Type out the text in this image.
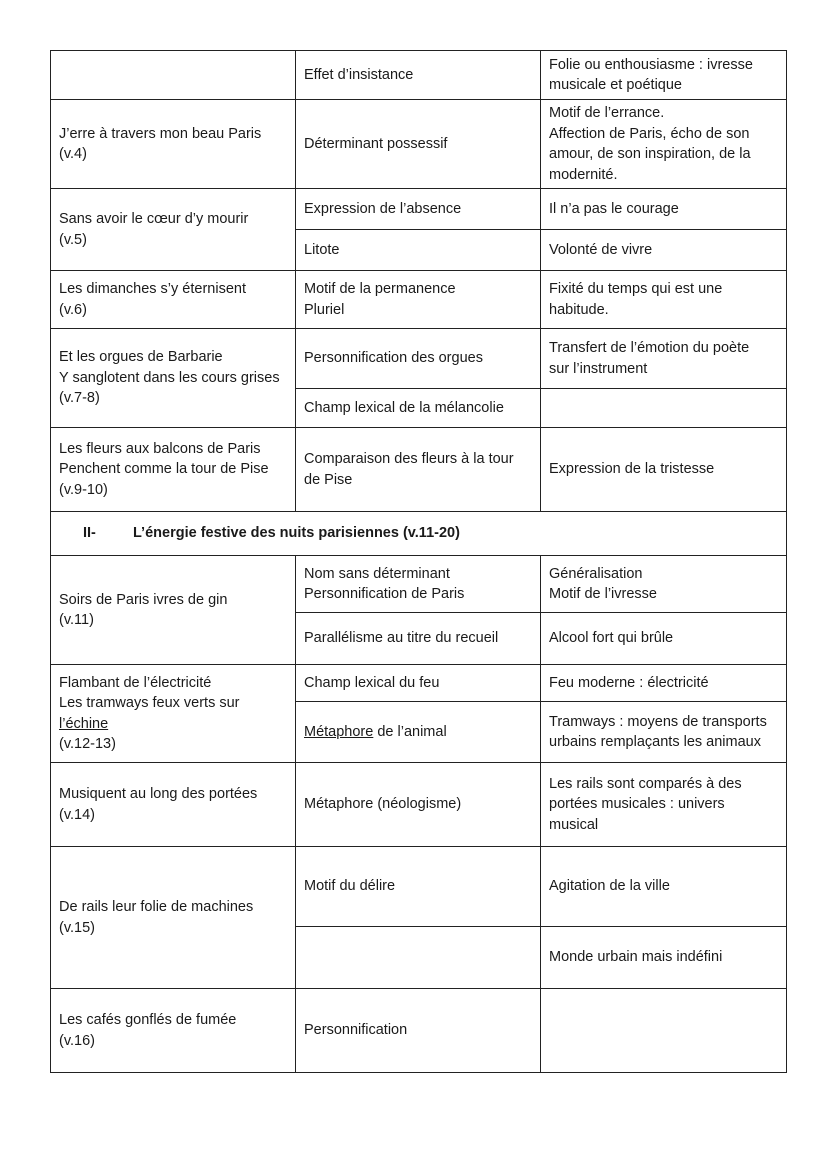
	Effet d’insistance	Folie ou enthousiasme : ivresse
musicale et poétique

J’erre à travers mon beau Paris
(v.4)	Déterminant possessif	Motif de l’errance.
Affection de Paris, écho de son
amour, de son inspiration, de la
modernité.

Sans avoir le cœur d’y mourir
(v.5)	Expression de l’absence	Il n’a pas le courage
	Litote	Volonté de vivre

Les dimanches s’y éternisent
(v.6)	Motif de la permanence
Pluriel	Fixité du temps qui est une
habitude.

Et les orgues de Barbarie
Y sanglotent dans les cours grises
(v.7-8)	Personnification des orgues	Transfert de l’émotion du poète
sur l’instrument

	Champ lexical de la mélancolie	

Les fleurs aux balcons de Paris
Penchent comme la tour de Pise
(v.9-10)	Comparaison des fleurs à la tour
de Pise	Expression de la tristesse
II- L’énergie festive des nuits parisiennes (v.11-20)		

Soirs de Paris ivres de gin
(v.11)	Nom sans déterminant
Personnification de Paris	Généralisation
Motif de l’ivresse

	Parallélisme au titre du recueil	Alcool fort qui brûle

Flambant de l’électricité
Les tramways feux verts sur
l’échine
(v.12-13)	Champ lexical du feu	Feu moderne : électricité
	Métaphore de l’animal	Tramways : moyens de transports
urbains remplaçants les animaux

Musiquent au long des portées
(v.14)	Métaphore (néologisme)	Les rails sont comparés à des
portées musicales : univers
musical

De rails leur folie de machines
(v.15)	Motif du délire	Agitation de la ville
		Monde urbain mais indéfini

Les cafés gonflés de fumée
(v.16)	Personnification	
